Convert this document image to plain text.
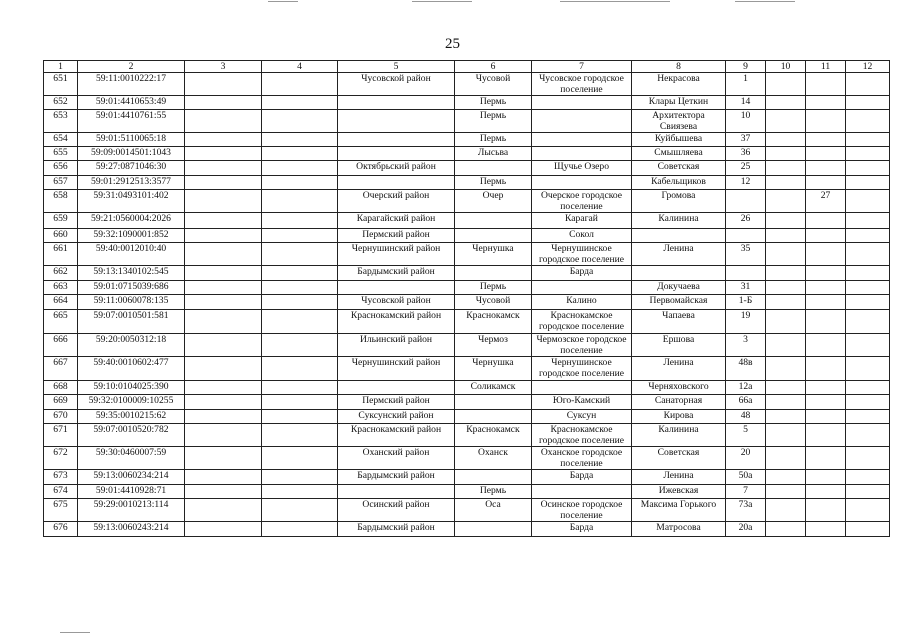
25
1	2	3	4	5	6	7	8	9	10	11	12
651	59:11:0010222:17			Чусовской район	Чусовой	Чусовское городское поселение	Некрасова	1			
652	59:01:4410653:49				Пермь		Клары Цеткин	14			
653	59:01:4410761:55				Пермь		Архитектора Свиязева	10			
654	59:01:5110065:18				Пермь		Куйбышева	37			
655	59:09:0014501:1043				Лысьва		Смышляева	36			
656	59:27:0871046:30			Октябрьский район		Щучье Озеро	Советская	25			
657	59:01:2912513:3577				Пермь		Кабельщиков	12			
658	59:31:0493101:402			Очерский район	Очер	Очерское городское поселение	Громова			27	
659	59:21:0560004:2026			Карагайский район		Карагай	Калинина	26			
660	59:32:1090001:852			Пермский район		Сокол					
661	59:40:0012010:40			Чернушинский район	Чернушка	Чернушинское городское поселение	Ленина	35			
662	59:13:1340102:545			Бардымский район		Барда					
663	59:01:0715039:686				Пермь		Докучаева	31			
664	59:11:0060078:135			Чусовской район	Чусовой	Калино	Первомайская	1-Б			
665	59:07:0010501:581			Краснокамский район	Краснокамск	Краснокамское городское поселение	Чапаева	19			
666	59:20:0050312:18			Ильинский район	Чермоз	Чермозское городское поселение	Ершова	3			
667	59:40:0010602:477			Чернушинский район	Чернушка	Чернушинское городское поселение	Ленина	48в			
668	59:10:0104025:390				Соликамск		Черняховского	12а			
669	59:32:0100009:10255			Пермский район		Юго-Камский	Санаторная	66а			
670	59:35:0010215:62			Суксунский район		Суксун	Кирова	48			
671	59:07:0010520:782			Краснокамский район	Краснокамск	Краснокамское городское поселение	Калинина	5			
672	59:30:0460007:59			Оханский район	Оханск	Оханское городское поселение	Советская	20			
673	59:13:0060234:214			Бардымский район		Барда	Ленина	50а			
674	59:01:4410928:71				Пермь		Ижевская	7			
675	59:29:0010213:114			Осинский район	Оса	Осинское городское поселение	Максима Горького	73а			
676	59:13:0060243:214			Бардымский район		Барда	Матросова	20а			
